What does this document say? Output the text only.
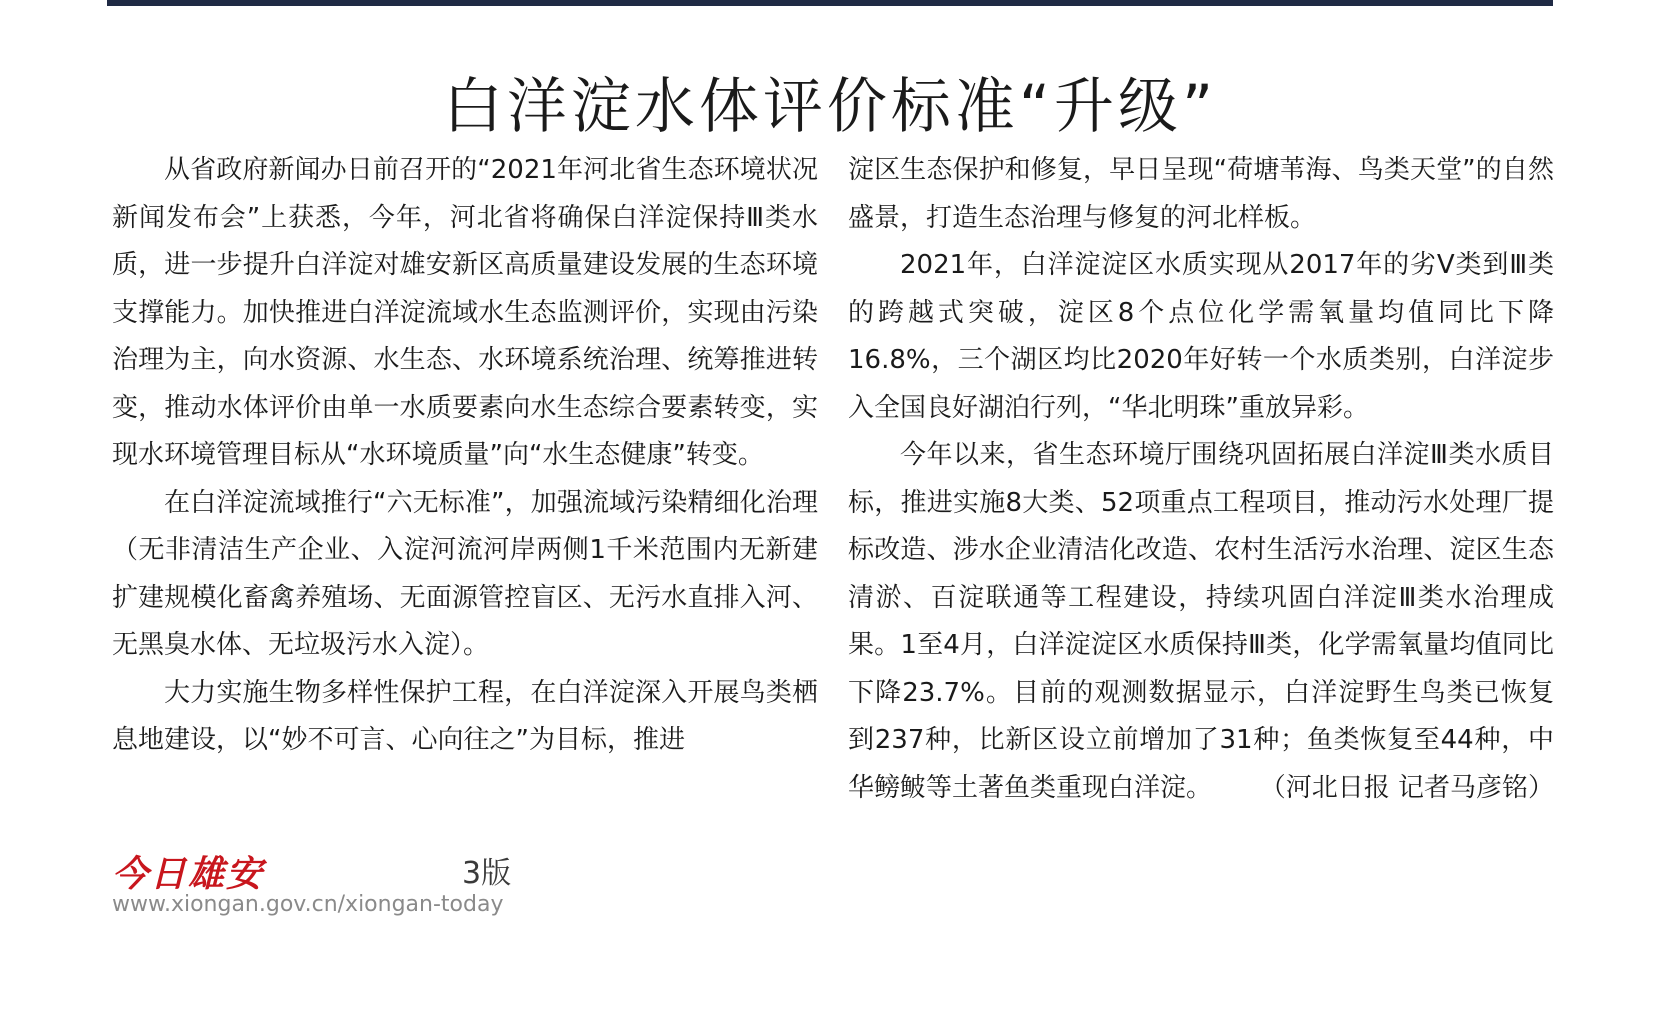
白洋淀水体评价标准“升级”

从省政府新闻办日前召开的“2021年河北省生态环境状况新闻发布会”上获悉，今年，河北省将确保白洋淀保持Ⅲ类水质，进一步提升白洋淀对雄安新区高质量建设发展的生态环境支撑能力。加快推进白洋淀流域水生态监测评价，实现由污染治理为主，向水资源、水生态、水环境系统治理、统筹推进转变，推动水体评价由单一水质要素向水生态综合要素转变，实现水环境管理目标从“水环境质量”向“水生态健康”转变。

在白洋淀流域推行“六无标准”，加强流域污染精细化治理（无非清洁生产企业、入淀河流河岸两侧1千米范围内无新建扩建规模化畜禽养殖场、无面源管控盲区、无污水直排入河、无黑臭水体、无垃圾污水入淀）。

大力实施生物多样性保护工程，在白洋淀深入开展鸟类栖息地建设，以“妙不可言、心向往之”为目标，推进

淀区生态保护和修复，早日呈现“荷塘苇海、鸟类天堂”的自然盛景，打造生态治理与修复的河北样板。

2021年，白洋淀淀区水质实现从2017年的劣Ⅴ类到Ⅲ类的跨越式突破，淀区8个点位化学需氧量均值同比下降16.8%，三个湖区均比2020年好转一个水质类别，白洋淀步入全国良好湖泊行列，“华北明珠”重放异彩。

今年以来，省生态环境厅围绕巩固拓展白洋淀Ⅲ类水质目标，推进实施8大类、52项重点工程项目，推动污水处理厂提标改造、涉水企业清洁化改造、农村生活污水治理、淀区生态清淤、百淀联通等工程建设，持续巩固白洋淀Ⅲ类水治理成果。1至4月，白洋淀淀区水质保持Ⅲ类，化学需氧量均值同比下降23.7%。目前的观测数据显示，白洋淀野生鸟类已恢复到237种，比新区设立前增加了31种；鱼类恢复至44种，中华鳑鲏等土著鱼类重现白洋淀。	（河北日报 记者马彦铭）
今日雄安	3版
www.xiongan.gov.cn/xiongan-today
